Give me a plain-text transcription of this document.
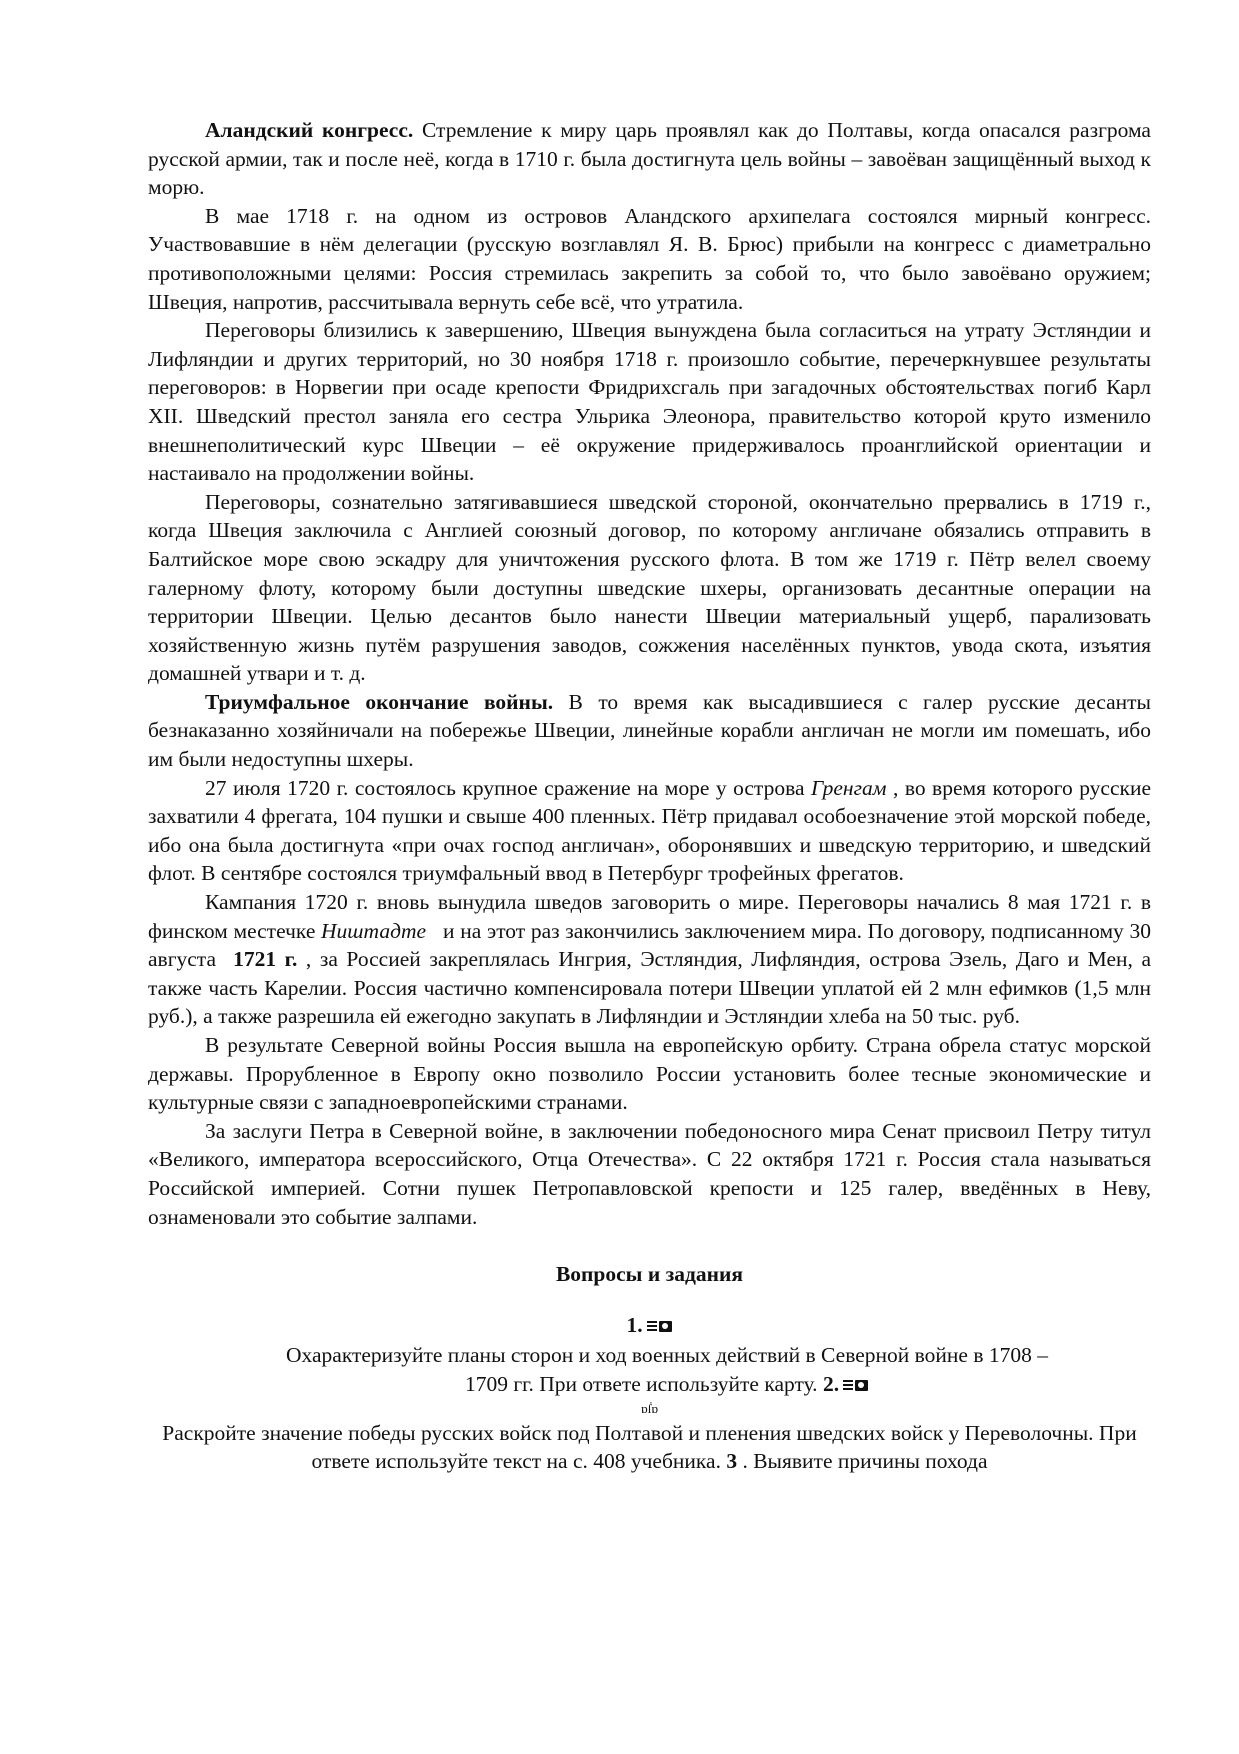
Аландский конгресс. Стремление к миру царь проявлял как до Полтавы, когда опасался разгрома русской армии, так и после неё, когда в 1710 г. была достигнута цель войны – завоёван защищённый выход к морю.

В мае 1718 г. на одном из островов Аландского архипелага состоялся мирный конгресс. Участвовавшие в нём делегации (русскую возглавлял Я. В. Брюс) прибыли на конгресс с диаметрально противоположными целями: Россия стремилась закрепить за собой то, что было завоёвано оружием; Швеция, напротив, рассчитывала вернуть себе всё, что утратила.

Переговоры близились к завершению, Швеция вынуждена была согласиться на утрату Эстляндии и Лифляндии и других территорий, но 30 ноября 1718 г. произошло событие, перечеркнувшее результаты переговоров: в Норвегии при осаде крепости Фридрихсгаль при загадочных обстоятельствах погиб Карл XII. Шведский престол заняла его сестра Ульрика Элеонора, правительство которой круто изменило внешнеполитический курс Швеции – её окружение придерживалось проанглийской ориентации и настаивало на продолжении войны.

Переговоры, сознательно затягивавшиеся шведской стороной, окончательно прервались в 1719 г., когда Швеция заключила с Англией союзный договор, по которому англичане обязались отправить в Балтийское море свою эскадру для уничтожения русского флота. В том же 1719 г. Пётр велел своему галерному флоту, которому были доступны шведские шхеры, организовать десантные операции на территории Швеции. Целью десантов было нанести Швеции материальный ущерб, парализовать хозяйственную жизнь путём разрушения заводов, сожжения населённых пунктов, увода скота, изъятия домашней утвари и т. д.

Триумфальное окончание войны. В то время как высадившиеся с галер русские десанты безнаказанно хозяйничали на побережье Швеции, линейные корабли англичан не могли им помешать, ибо им были недоступны шхеры.

27 июля 1720 г. состоялось крупное сражение на море у острова Гренгам , во время которого русские захватили 4 фрегата, 104 пушки и свыше 400 пленных. Пётр придавал особоезначение этой морской победе, ибо она была достигнута «при очах господ англичан», оборонявших и шведскую территорию, и шведский флот. В сентябре состоялся триумфальный ввод в Петербург трофейных фрегатов.

Кампания 1720 г. вновь вынудила шведов заговорить о мире. Переговоры начались 8 мая 1721 г. в финском местечке Ништадте   и на этот раз закончились заключением мира. По договору, подписанному 30 августа  1721 г. , за Россией закреплялась Ингрия, Эстляндия, Лифляндия, острова Эзель, Даго и Мен, а также часть Карелии. Россия частично компенсировала потери Швеции уплатой ей 2 млн ефимков (1,5 млн руб.), а также разрешила ей ежегодно закупать в Лифляндии и Эстляндии хлеба на 50 тыс. руб.

В результате Северной войны Россия вышла на европейскую орбиту. Страна обрела статус морской державы. Прорубленное в Европу окно позволило России установить более тесные экономические и культурные связи с западноевропейскими странами.

За заслуги Петра в Северной войне, в заключении победоносного мира Сенат присвоил Петру титул «Великого, императора всероссийского, Отца Отечества». С 22 октября 1721 г. Россия стала называться Российской империей. Сотни пушек Петропавловской крепости и 125 галер, введённых в Неву, ознаменовали это событие залпами.

Вопросы и задания

1.

Охарактеризуйте планы сторон и ход военных действий в Северной войне в 1708 –
1709 гг. При ответе используйте карту. 2.

ɒẛɒ

Раскройте значение победы русских войск под Полтавой и пленения шведских войск у Переволочны. При ответе используйте текст на с. 408 учебника. 3 . Выявите причины похода
